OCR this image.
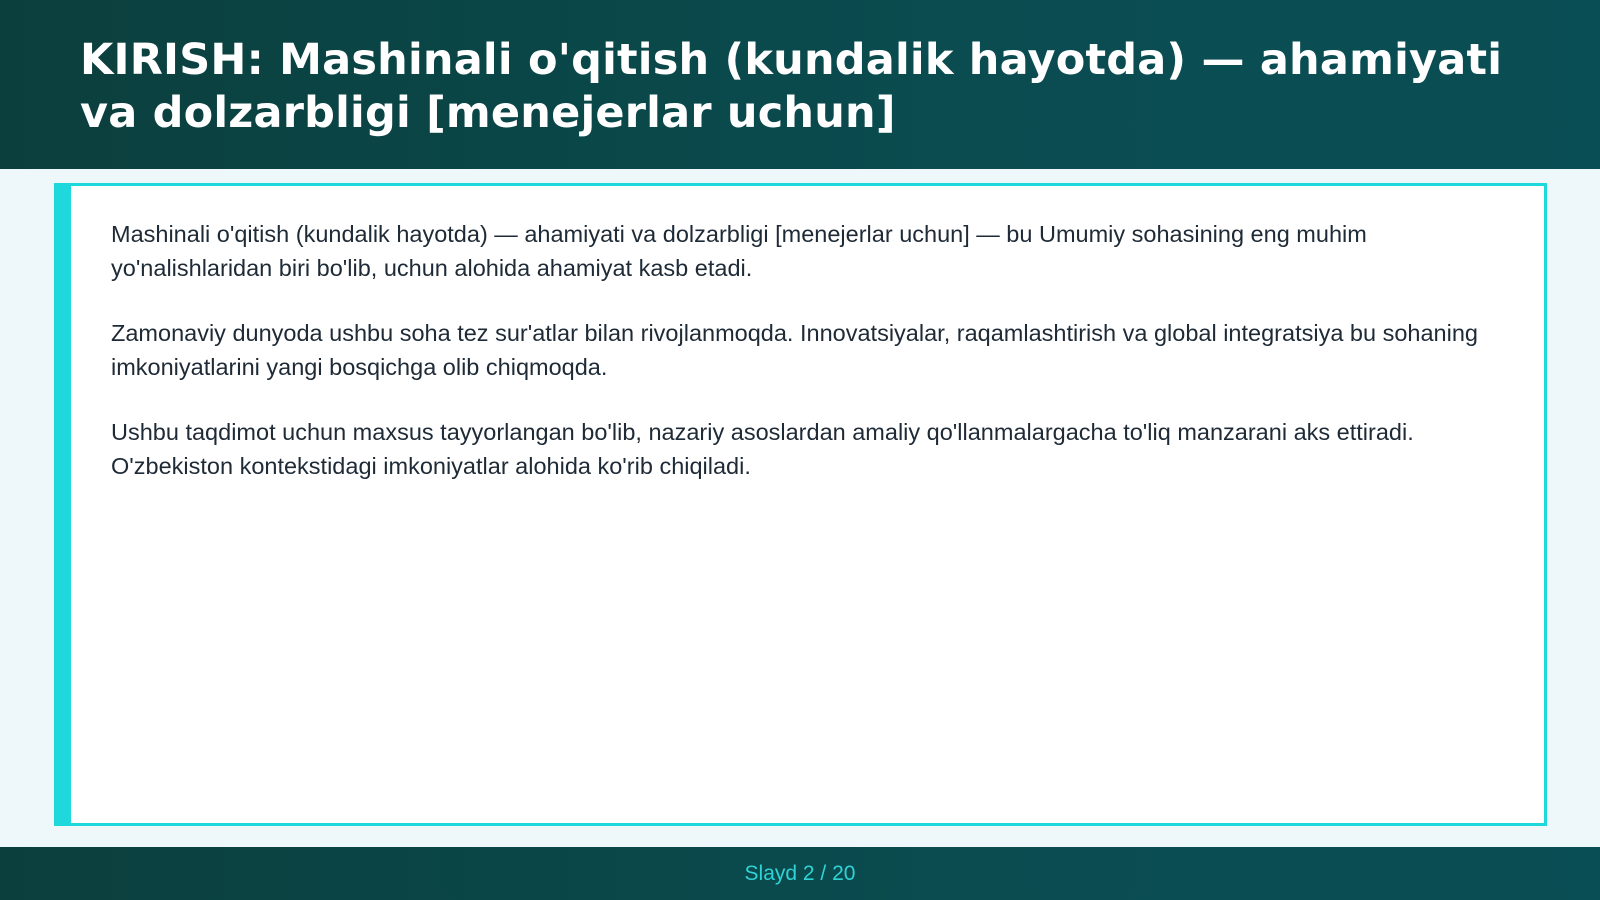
KIRISH: Mashinali o'qitish (kundalik hayotda) — ahamiyati va dolzarbligi [menejerlar uchun]

Mashinali o'qitish (kundalik hayotda) — ahamiyati va dolzarbligi [menejerlar uchun] — bu Umumiy sohasining eng muhim yo'nalishlaridan biri bo'lib, uchun alohida ahamiyat kasb etadi.

Zamonaviy dunyoda ushbu soha tez sur'atlar bilan rivojlanmoqda. Innovatsiyalar, raqamlashtirish va global integratsiya bu sohaning imkoniyatlarini yangi bosqichga olib chiqmoqda.

Ushbu taqdimot uchun maxsus tayyorlangan bo'lib, nazariy asoslardan amaliy qo'llanmalargacha to'liq manzarani aks ettiradi. O'zbekiston kontekstidagi imkoniyatlar alohida ko'rib chiqiladi.

Slayd 2 / 20
